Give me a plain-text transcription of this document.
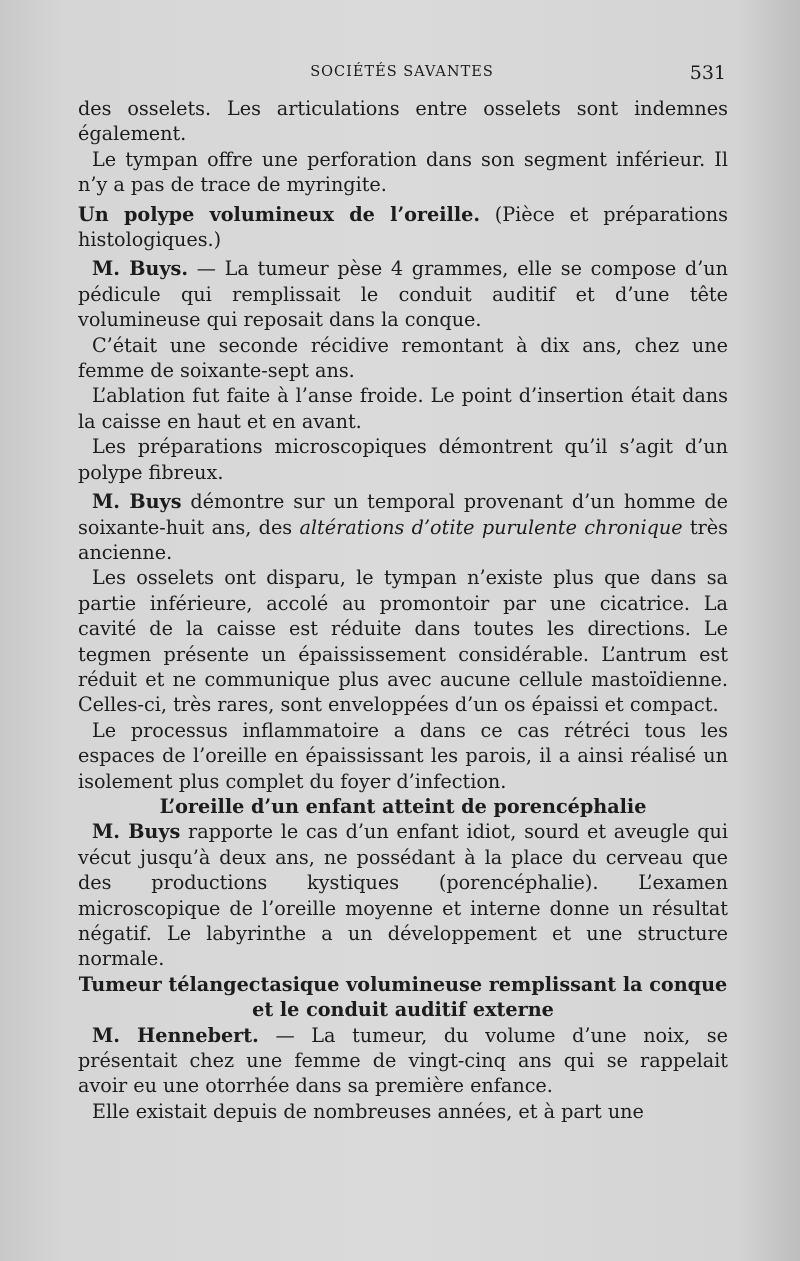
SOCIÉTÉS SAVANTES	531

des osselets. Les articulations entre osselets sont indemnes également.

Le tympan offre une perforation dans son segment inférieur. Il n’y a pas de trace de myringite.

Un polype volumineux de l’oreille. (Pièce et préparations histologiques.)

M. Buys. — La tumeur pèse 4 grammes, elle se compose d’un pédicule qui remplissait le conduit auditif et d’une tête volumineuse qui reposait dans la conque.

C’était une seconde récidive remontant à dix ans, chez une femme de soixante-sept ans.

L’ablation fut faite à l’anse froide. Le point d’insertion était dans la caisse en haut et en avant.

Les préparations microscopiques démontrent qu’il s’agit d’un polype fibreux.

M. Buys démontre sur un temporal provenant d’un homme de soixante-huit ans, des altérations d’otite purulente chronique très ancienne.

Les osselets ont disparu, le tympan n’existe plus que dans sa partie inférieure, accolé au promontoir par une cicatrice. La cavité de la caisse est réduite dans toutes les directions. Le tegmen présente un épaississement considérable. L’antrum est réduit et ne communique plus avec aucune cellule mastoïdienne. Celles-ci, très rares, sont enveloppées d’un os épaissi et compact.

Le processus inflammatoire a dans ce cas rétréci tous les espaces de l’oreille en épaississant les parois, il a ainsi réalisé un isolement plus complet du foyer d’infection.

L’oreille d’un enfant atteint de porencéphalie

M. Buys rapporte le cas d’un enfant idiot, sourd et aveugle qui vécut jusqu’à deux ans, ne possédant à la place du cerveau que des productions kystiques (porencéphalie). L’examen microscopique de l’oreille moyenne et interne donne un résultat négatif. Le labyrinthe a un développement et une structure normale.

Tumeur télangectasique volumineuse remplissant la conque

et le conduit auditif externe

M. Hennebert. — La tumeur, du volume d’une noix, se présentait chez une femme de vingt-cinq ans qui se rappelait avoir eu une otorrhée dans sa première enfance.

Elle existait depuis de nombreuses années, et à part une
